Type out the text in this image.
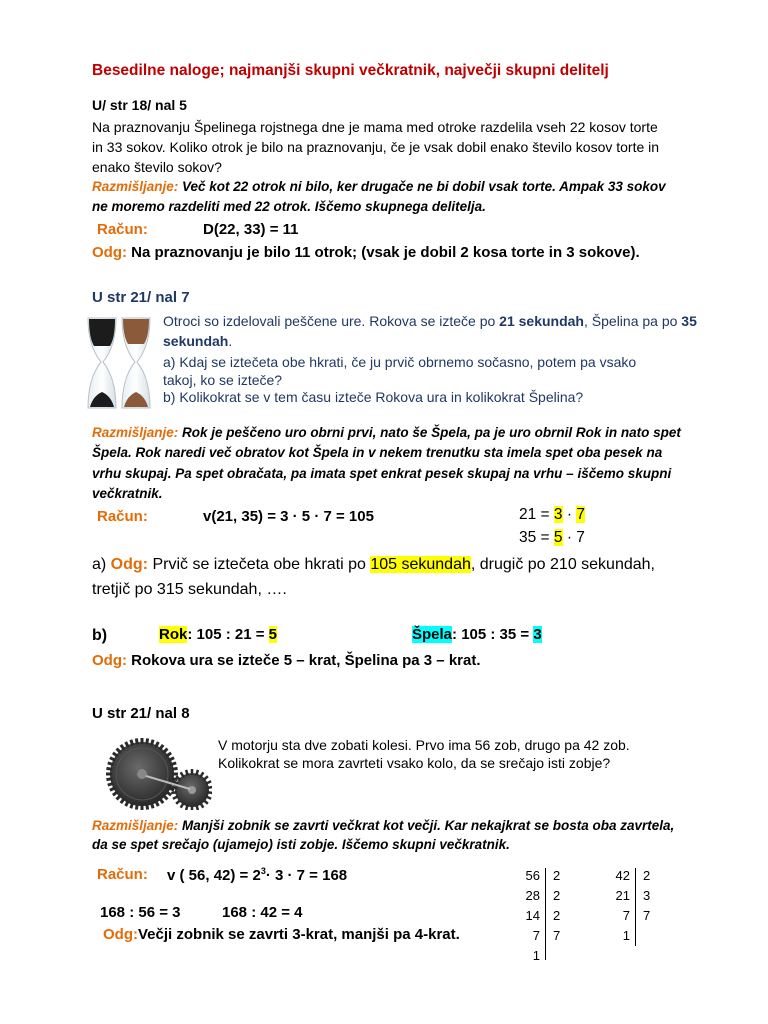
Besedilne naloge; najmanjši skupni večkratnik, največji skupni delitelj
U/ str 18/ nal 5
Na praznovanju Špelinega rojstnega dne je mama med otroke razdelila vseh 22 kosov torte
in 33 sokov. Koliko otrok je bilo na praznovanju, če je vsak dobil enako število kosov torte in
enako število sokov?
Razmišljanje: Več kot 22 otrok ni bilo, ker drugače ne bi dobil vsak torte. Ampak 33 sokov
ne moremo razdeliti med 22 otrok. Iščemo skupnega delitelja.
Račun:	D(22, 33) = 11
Odg: Na praznovanju je bilo 11 otrok; (vsak je dobil 2 kosa torte in 3 sokove).
U str 21/ nal 7
Otroci so izdelovali peščene ure. Rokova se izteče po 21 sekundah, Špelina pa po 35
sekundah.
a) Kdaj se iztečeta obe hkrati, če ju prvič obrnemo sočasno, potem pa vsako
takoj, ko se izteče?
b) Kolikokrat se v tem času izteče Rokova ura in kolikokrat Špelina?
Razmišljanje: Rok je peščeno uro obrni prvi, nato še Špela, pa je uro obrnil Rok in nato spet
Špela. Rok naredi več obratov kot Špela in v nekem trenutku sta imela spet oba pesek na
vrhu skupaj. Pa spet obračata, pa imata spet enkrat pesek skupaj na vrhu – iščemo skupni
večkratnik.
Račun:	v(21, 35) = 3 · 5 · 7 = 105	21 = 3 · 7
35 = 5 · 7
a) Odg: Prvič se iztečeta obe hkrati po 105 sekundah, drugič po 210 sekundah,
tretjič po 315 sekundah, ….
b)	Rok: 105 : 21 = 5	Špela: 105 : 35 = 3
Odg: Rokova ura se izteče 5 – krat, Špelina pa 3 – krat.
U str 21/ nal 8
V motorju sta dve zobati kolesi. Prvo ima 56 zob, drugo pa 42 zob.
Kolikokrat se mora zavrteti vsako kolo, da se srečajo isti zobje?
Razmišljanje: Manjši zobnik se zavrti večkrat kot večji. Kar nekajkrat se bosta oba zavrtela,
da se spet srečajo (ujamejo) isti zobje. Iščemo skupni večkratnik.
Račun: v ( 56, $42) = 2^3\cdot 3 \cdot 7 = 168$
168 : 56 = 3	168 : 42 = 4
Odg:Večji zobnik se zavrti 3-krat, manjši pa 4-krat.
56 2
28 2
14 2
7 7
1
42 2
21 3
7 7
1
